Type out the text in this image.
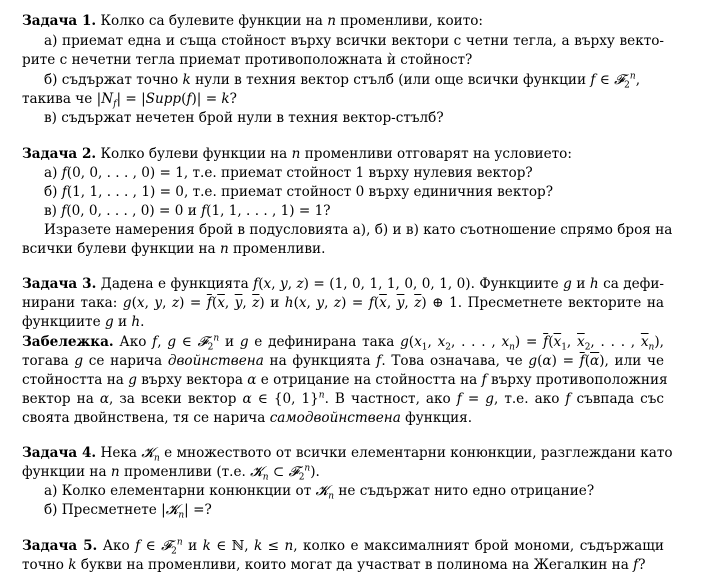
Задача 1. Колко са булевите функции на n променливи, които:
а) приемат една и съща стойност върху всички вектори с четни тегла, а върху векто-
рите с нечетни тегла приемат противоположната ѝ стойност?
б) съдържат точно k нули в техния вектор стълб (или още всички функции f ∈ 𝓕$_2^n$,
такива че $|N_f|$ = |Supp(f)| = k?
в) съдържат нечетен брой нули в техния вектор-стълб?
Задача 2. Колко булеви функции на n променливи отговарят на условието:
а) f(0, 0, . . . , 0) = 1, т.е. приемат стойност 1 върху нулевия вектор?
б) f(1, 1, . . . , 1) = 0, т.е. приемат стойност 0 върху единичния вектор?
в) f(0, 0, . . . , 0) = 0 и f(1, 1, . . . , 1) = 1?
Изразете намерения брой в подусловията а), б) и в) като съотношение спрямо броя на
всички булеви функции на n променливи.
Задача 3. Дадена е функцията f(x, y, z) = (1, 0, 1, 1, 0, 0, 1, 0). Функциите g и h са дефи-
нирани така: g(x, y, $z) = \overline{f}(\overline{x}$, $\overline{y}$, $\overline{z}$) и h(x, y, $z) = f(\overline{x}$, $\overline{y}$, $\overline{z}$) ⊕ 1. Пресметнете векторите на
функциите g и h.
Забележка. Ако f, g ∈ 𝓕$_2^n$ и g е дефинирана така $g(x_1$, $x_2$, . . . , $x_n) = \overline{f}(\overline{x}_1$, $\overline{x}_2$, . . . , $\overline{x}_n$),
тогава g се нарича двойнствена на функцията f. Това означава, че $g(\alpha) = \overline{f}(\overline{\alpha})$, или че
стойността на g върху вектора α е отрицание на стойността на f върху противоположния
вектор на α, за всеки вектор α ∈ {0, 1}$^n$. В частност, ако f = g, т.е. ако f съвпада със
своята двойнствена, тя се нарича самодвойнствена функция.
Задача 4. Нека 𝓚$_n$ е множеството от всички елементарни конюнкции, разглеждани като
функции на n променливи (т.е. 𝓚$_n$ ⊂ 𝓕$_2^n$).
а) Колко елементарни конюнкции от 𝓚$_n$ не съдържат нито едно отрицание?
б) Пресметнете |𝓚$_n$| =?
Задача 5. Ако f ∈ 𝓕$_2^n$ и k ∈ ℕ, k ≤ n, колко е максималният брой мономи, съдържащи
точно k букви на променливи, които могат да участват в полинома на Жегалкин на f?
